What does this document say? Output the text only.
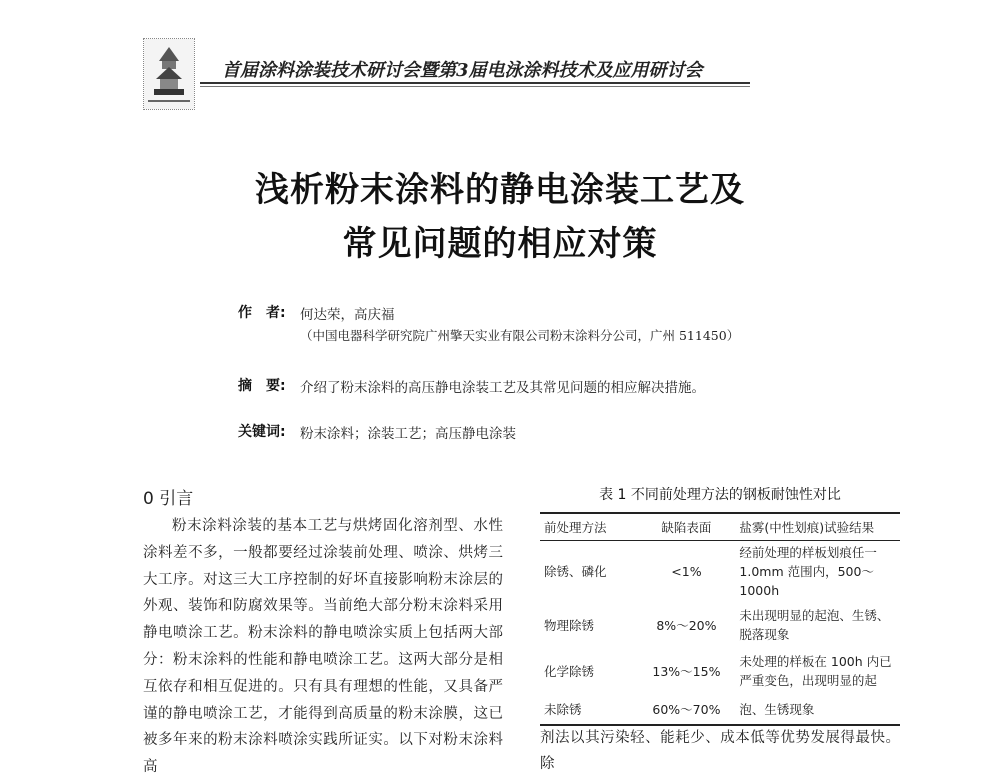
首届涂料涂装技术研讨会暨第3届电泳涂料技术及应用研讨会
浅析粉末涂料的静电涂装工艺及
常见问题的相应对策
作　者: 何达荣，高庆福
（中国电器科学研究院广州擎天实业有限公司粉末涂料分公司，广州 511450）
摘　要: 介绍了粉末涂料的高压静电涂装工艺及其常见问题的相应解决措施。
关键词: 粉末涂料；涂装工艺；高压静电涂装
0 引言
粉末涂料涂装的基本工艺与烘烤固化溶剂型、水性涂料差不多，一般都要经过涂装前处理、喷涂、烘烤三大工序。对这三大工序控制的好坏直接影响粉末涂层的外观、装饰和防腐效果等。当前绝大部分粉末涂料采用静电喷涂工艺。粉末涂料的静电喷涂实质上包括两大部分：粉末涂料的性能和静电喷涂工艺。这两大部分是相互依存和相互促进的。只有具有理想的性能，又具备严谨的静电喷涂工艺，才能得到高质量的粉末涂膜，这已被多年来的粉末涂料喷涂实践所证实。以下对粉末涂料高
表 1 不同前处理方法的钢板耐蚀性对比
前处理方法	缺陷表面	盐雾(中性划痕)试验结果
除锈、磷化	<1%	经前处理的样板划痕任一 1.0mm 范围内，500～1000h
物理除锈	8%～20%	未出现明显的起泡、生锈、脱落现象
化学除锈	13%～15%	未处理的样板在 100h 内已严重变色，出现明显的起
未除锈	60%～70%	泡、生锈现象
剂法以其污染轻、能耗少、成本低等优势发展得最快。除
